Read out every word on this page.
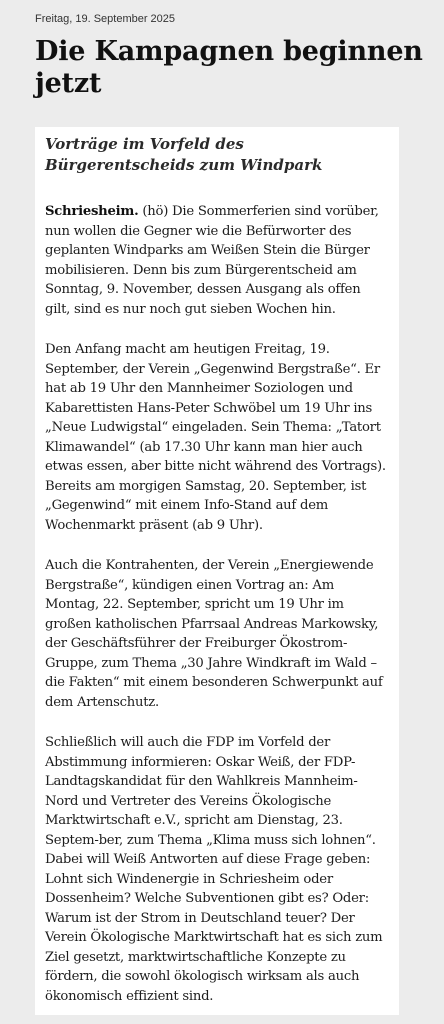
Freitag, 19. September 2025
Die Kampagnen beginnen jetzt
Vorträge im Vorfeld des Bürgerentscheids zum Windpark

Schriesheim. (hö) Die Sommerferien sind vorüber, nun wollen die Gegner wie die Befürworter des geplanten Windparks am Weißen Stein die Bürger mobilisieren. Denn bis zum Bürgerentscheid am Sonntag, 9. November, dessen Ausgang als offen gilt, sind es nur noch gut sieben Wochen hin.

Den Anfang macht am heutigen Freitag, 19. September, der Verein „Gegenwind Bergstraße“. Er hat ab 19 Uhr den Mannheimer Soziologen und Kabarettisten Hans-Peter Schwöbel um 19 Uhr ins „Neue Ludwigstal“ eingeladen. Sein Thema: „Tatort Klimawandel“ (ab 17.30 Uhr kann man hier auch etwas essen, aber bitte nicht während des Vortrags). Bereits am morgigen Samstag, 20. September, ist „Gegenwind“ mit einem Info-Stand auf dem Wochenmarkt präsent (ab 9 Uhr).

Auch die Kontrahenten, der Verein „Energiewende Bergstraße“, kündigen einen Vortrag an: Am Montag, 22. September, spricht um 19 Uhr im großen katholischen Pfarrsaal Andreas Markowsky, der Geschäftsführer der Freiburger Ökostrom-Gruppe, zum Thema „30 Jahre Windkraft im Wald – die Fakten“ mit einem besonderen Schwerpunkt auf dem Artenschutz.

Schließlich will auch die FDP im Vorfeld der Abstimmung informieren: Oskar Weiß, der FDP-Landtagskandidat für den Wahlkreis Mannheim-Nord und Vertreter des Vereins Ökologische Marktwirtschaft e.V., spricht am Dienstag, 23. Septem-ber, zum Thema „Klima muss sich lohnen“. Dabei will Weiß Antworten auf diese Frage geben: Lohnt sich Windenergie in Schriesheim oder Dossenheim? Welche Subventionen gibt es? Oder: Warum ist der Strom in Deutschland teuer? Der Verein Ökologische Marktwirtschaft hat es sich zum Ziel gesetzt, marktwirtschaftliche Konzepte zu fördern, die sowohl ökologisch wirksam als auch ökonomisch effizient sind.
